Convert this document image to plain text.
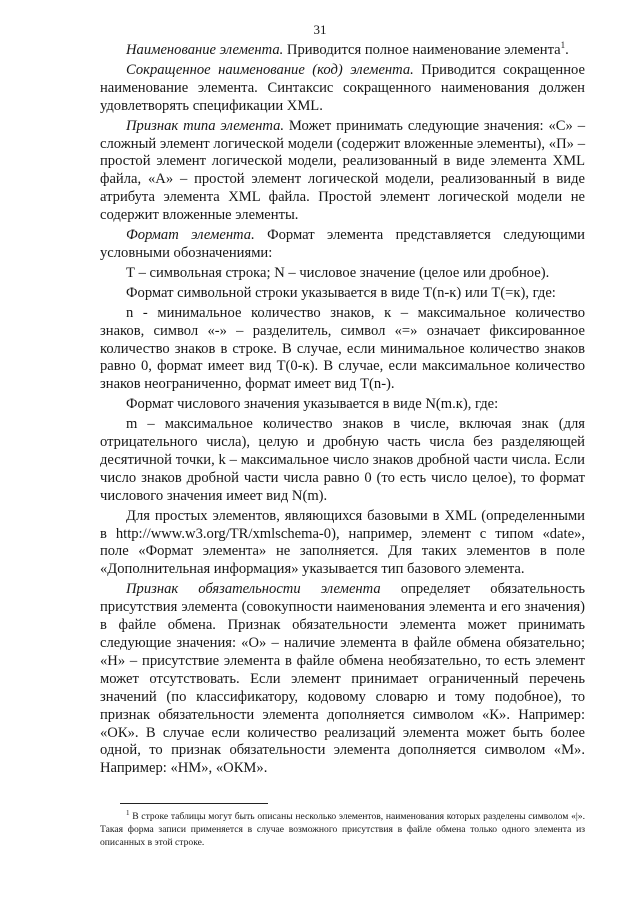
31

Наименование элемента. Приводится полное наименование элемента$^1$.

Сокращенное наименование (код) элемента. Приводится сокращенное наименование элемента. Синтаксис сокращенного наименования должен удовлетворять спецификации XML.

Признак типа элемента. Может принимать следующие значения: «С» – сложный элемент логической модели (содержит вложенные элементы), «П» – простой элемент логической модели, реализованный в виде элемента XML файла, «А» – простой элемент логической модели, реализованный в виде атрибута элемента XML файла. Простой элемент логической модели не содержит вложенные элементы.

Формат элемента. Формат элемента представляется следующими условными обозначениями:

Т – символьная строка; N – числовое значение (целое или дробное).

Формат символьной строки указывается в виде Т(n-к) или Т(=к), где:

n - минимальное количество знаков, к – максимальное количество знаков, символ «-» – разделитель, символ «=» означает фиксированное количество знаков в строке. В случае, если минимальное количество знаков равно 0, формат имеет вид Т(0-к). В случае, если максимальное количество знаков неограниченно, формат имеет вид Т(n-).

Формат числового значения указывается в виде N(m.к), где:

m – максимальное количество знаков в числе, включая знак (для отрицательного числа), целую и дробную часть числа без разделяющей десятичной точки, k – максимальное число знаков дробной части числа. Если число знаков дробной части числа равно 0 (то есть число целое), то формат числового значения имеет вид N(m).

Для простых элементов, являющихся базовыми в XML (определенными в http://www.w3.org/TR/xmlschema-0), например, элемент с типом «date», поле «Формат элемента» не заполняется. Для таких элементов в поле «Дополнительная информация» указывается тип базового элемента.

Признак обязательности элемента определяет обязательность присутствия элемента (совокупности наименования элемента и его значения) в файле обмена. Признак обязательности элемента может принимать следующие значения: «О» – наличие элемента в файле обмена обязательно; «Н» – присутствие элемента в файле обмена необязательно, то есть элемент может отсутствовать. Если элемент принимает ограниченный перечень значений (по классификатору, кодовому словарю и тому подобное), то признак обязательности элемента дополняется символом «К». Например: «ОК». В случае если количество реализаций элемента может быть более одной, то признак обязательности элемента дополняется символом «М». Например: «НМ», «ОКМ».

$^1$ В строке таблицы могут быть описаны несколько элементов, наименования которых разделены символом «|». Такая форма записи применяется в случае возможного присутствия в файле обмена только одного элемента из описанных в этой строке.
